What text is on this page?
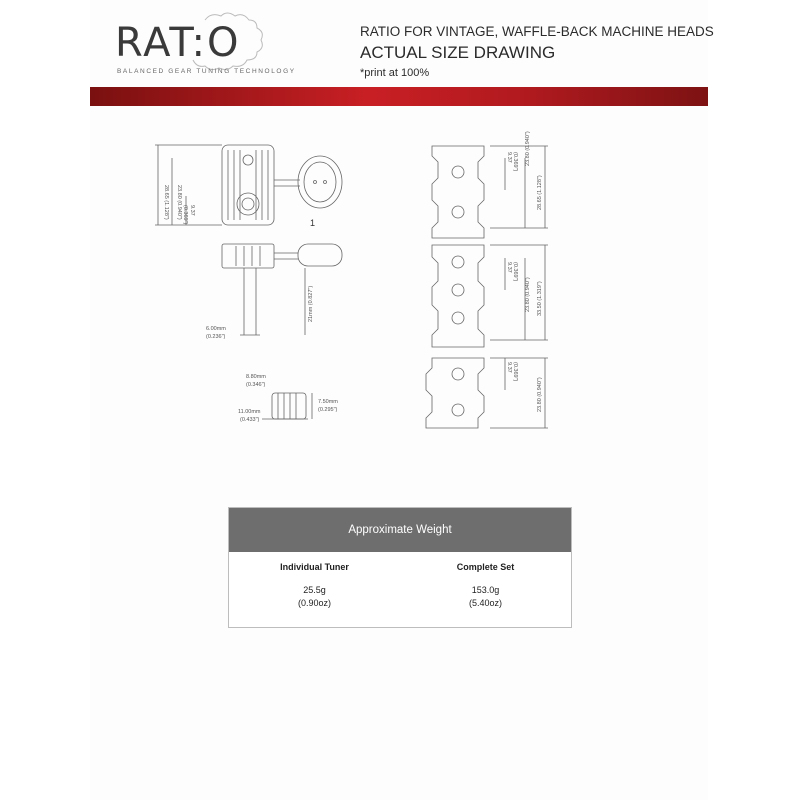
RAT:O
BALANCED GEAR TUNING TECHNOLOGY
RATIO FOR VINTAGE, WAFFLE-BACK MACHINE HEADS
ACTUAL SIZE DRAWING
*print at 100%
1
28.65 (1.128") 23.80 (0.940") 9.37
(0.369")
21mm (0.827")
6.00mm
(0.236")
8.80mm
(0.346")
7.50mm
(0.295")
11.00mm
(0.433")
9.37 (0.369") 23.80 (0.940")
28.65 (1.128")
9.37 (0.369")
23.80 (0.940") 33.50 (1.319")
9.37 (0.369")
23.80 (0.940")
Approximate Weight
Individual Tuner
25.5g
(0.90oz)
Complete Set
153.0g
(5.40oz)
